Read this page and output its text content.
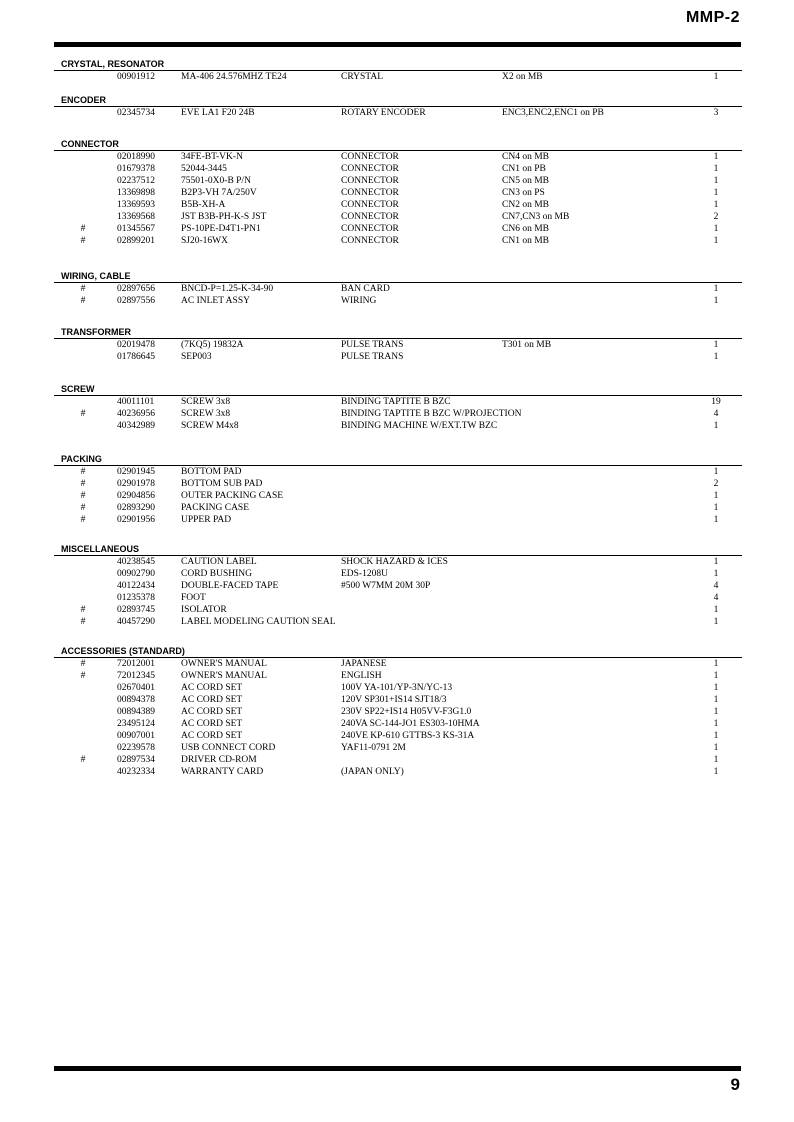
MMP-2
CRYSTAL, RESONATOR
00901912	MA-406 24.576MHZ TE24	CRYSTAL	X2 on MB	1
ENCODER
02345734	EVE LA1 F20 24B	ROTARY ENCODER	ENC3,ENC2,ENC1 on PB	3
CONNECTOR
02018990	34FE-BT-VK-N	CONNECTOR	CN4 on MB	1
01679378	52044-3445	CONNECTOR	CN1 on PB	1
02237512	75501-0X0-B P/N	CONNECTOR	CN5 on MB	1
13369898	B2P3-VH 7A/250V	CONNECTOR	CN3 on PS	1
13369593	B5B-XH-A	CONNECTOR	CN2 on MB	1
13369568	JST B3B-PH-K-S JST	CONNECTOR	CN7,CN3 on MB	2
#	01345567	PS-10PE-D4T1-PN1	CONNECTOR	CN6 on MB	1
#	02899201	SJ20-16WX	CONNECTOR	CN1 on MB	1
WIRING, CABLE
#	02897656	BNCD-P=1.25-K-34-90	BAN CARD	1
#	02897556	AC INLET ASSY	WIRING	1
TRANSFORMER
02019478	(7KQ5) 19832A	PULSE TRANS	T301 on MB	1
01786645	SEP003	PULSE TRANS	1
SCREW
40011101	SCREW 3x8	BINDING TAPTITE B BZC	19
#	40236956	SCREW 3x8	BINDING TAPTITE B BZC W/PROJECTION	4
40342989	SCREW M4x8	BINDING MACHINE W/EXT.TW BZC	1
PACKING
#	02901945	BOTTOM PAD	1
#	02901978	BOTTOM SUB PAD	2
#	02904856	OUTER PACKING CASE	1
#	02893290	PACKING CASE	1
#	02901956	UPPER PAD	1
MISCELLANEOUS
40238545	CAUTION LABEL	SHOCK HAZARD & ICES	1
00902790	CORD BUSHING	EDS-1208U	1
40122434	DOUBLE-FACED TAPE	#500 W7MM 20M 30P	4
01235378	FOOT	4
#	02893745	ISOLATOR	1
#	40457290	LABEL MODELING CAUTION SEAL	1
ACCESSORIES (STANDARD)
#	72012001	OWNER'S MANUAL	JAPANESE	1
#	72012345	OWNER'S MANUAL	ENGLISH	1
02670401	AC CORD SET	100V YA-101/YP-3N/YC-13	1
00894378	AC CORD SET	120V SP301+IS14 SJT18/3	1
00894389	AC CORD SET	230V SP22+IS14 H05VV-F3G1.0	1
23495124	AC CORD SET	240VA SC-144-JO1 ES303-10HMA	1
00907001	AC CORD SET	240VE KP-610 GTTBS-3 KS-31A	1
02239578	USB CONNECT CORD	YAF11-0791 2M	1
#	02897534	DRIVER CD-ROM	1
40232334	WARRANTY CARD	(JAPAN ONLY)	1
9
